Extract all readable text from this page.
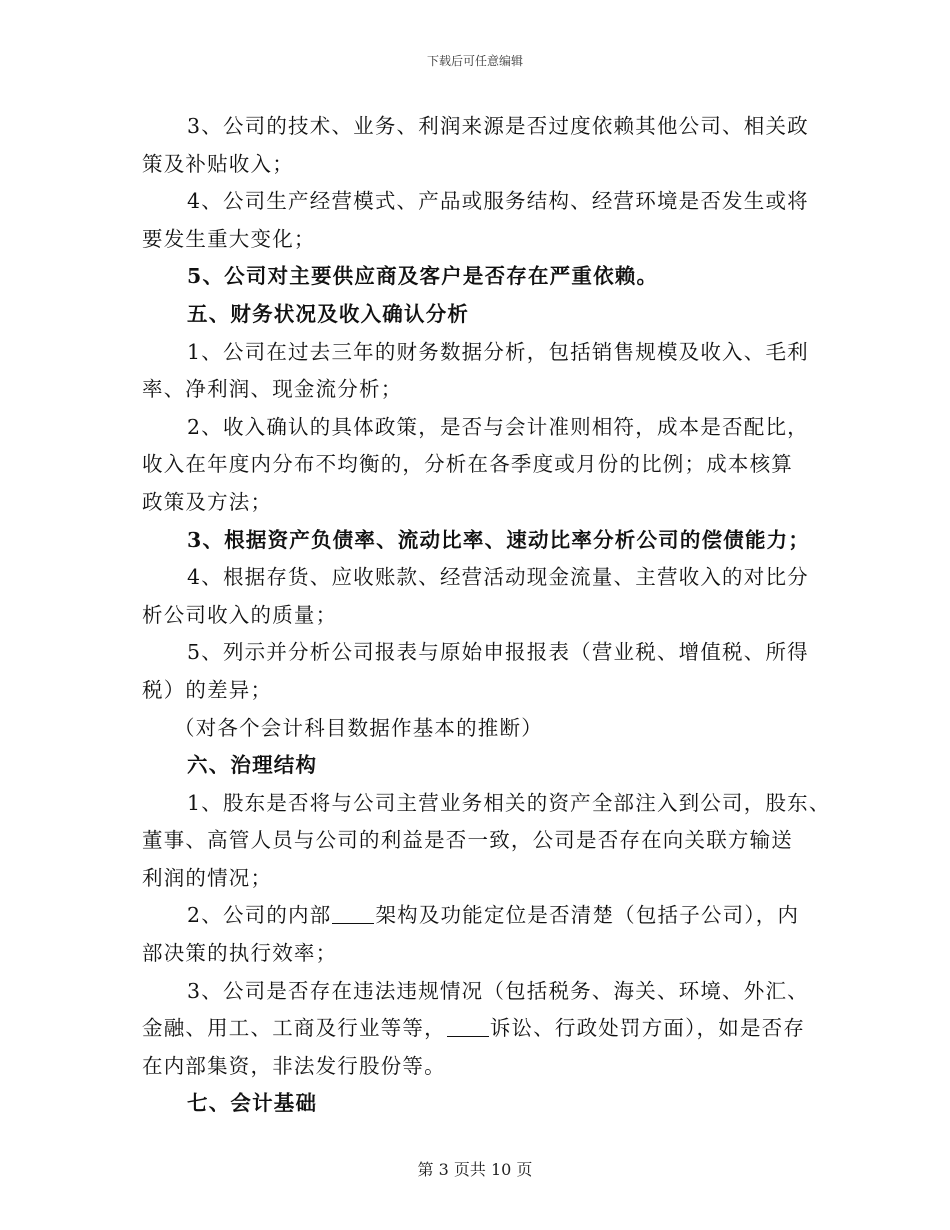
下载后可任意编辑
3、公司的技术、业务、利润来源是否过度依赖其他公司、相关政
策及补贴收入；
4、公司生产经营模式、产品或服务结构、经营环境是否发生或将
要发生重大变化；
5、公司对主要供应商及客户是否存在严重依赖。
五、财务状况及收入确认分析
1、公司在过去三年的财务数据分析，包括销售规模及收入、毛利
率、净利润、现金流分析；
2、收入确认的具体政策，是否与会计准则相符，成本是否配比，
收入在年度内分布不均衡的，分析在各季度或月份的比例；成本核算
政策及方法；
3、根据资产负债率、流动比率、速动比率分析公司的偿债能力；
4、根据存货、应收账款、经营活动现金流量、主营收入的对比分
析公司收入的质量；
5、列示并分析公司报表与原始申报报表（营业税、增值税、所得
税）的差异；
（对各个会计科目数据作基本的推断）
六、治理结构
1、股东是否将与公司主营业务相关的资产全部注入到公司，股东、
董事、高管人员与公司的利益是否一致，公司是否存在向关联方输送
利润的情况；
2、公司的内部 架构及功能定位是否清楚（包括子公司），内
部决策的执行效率；
3、公司是否存在违法违规情况（包括税务、海关、环境、外汇、
金融、用工、工商及行业等等， 诉讼、行政处罚方面），如是否存
在内部集资，非法发行股份等。
七、会计基础
第 3 页共 10 页
